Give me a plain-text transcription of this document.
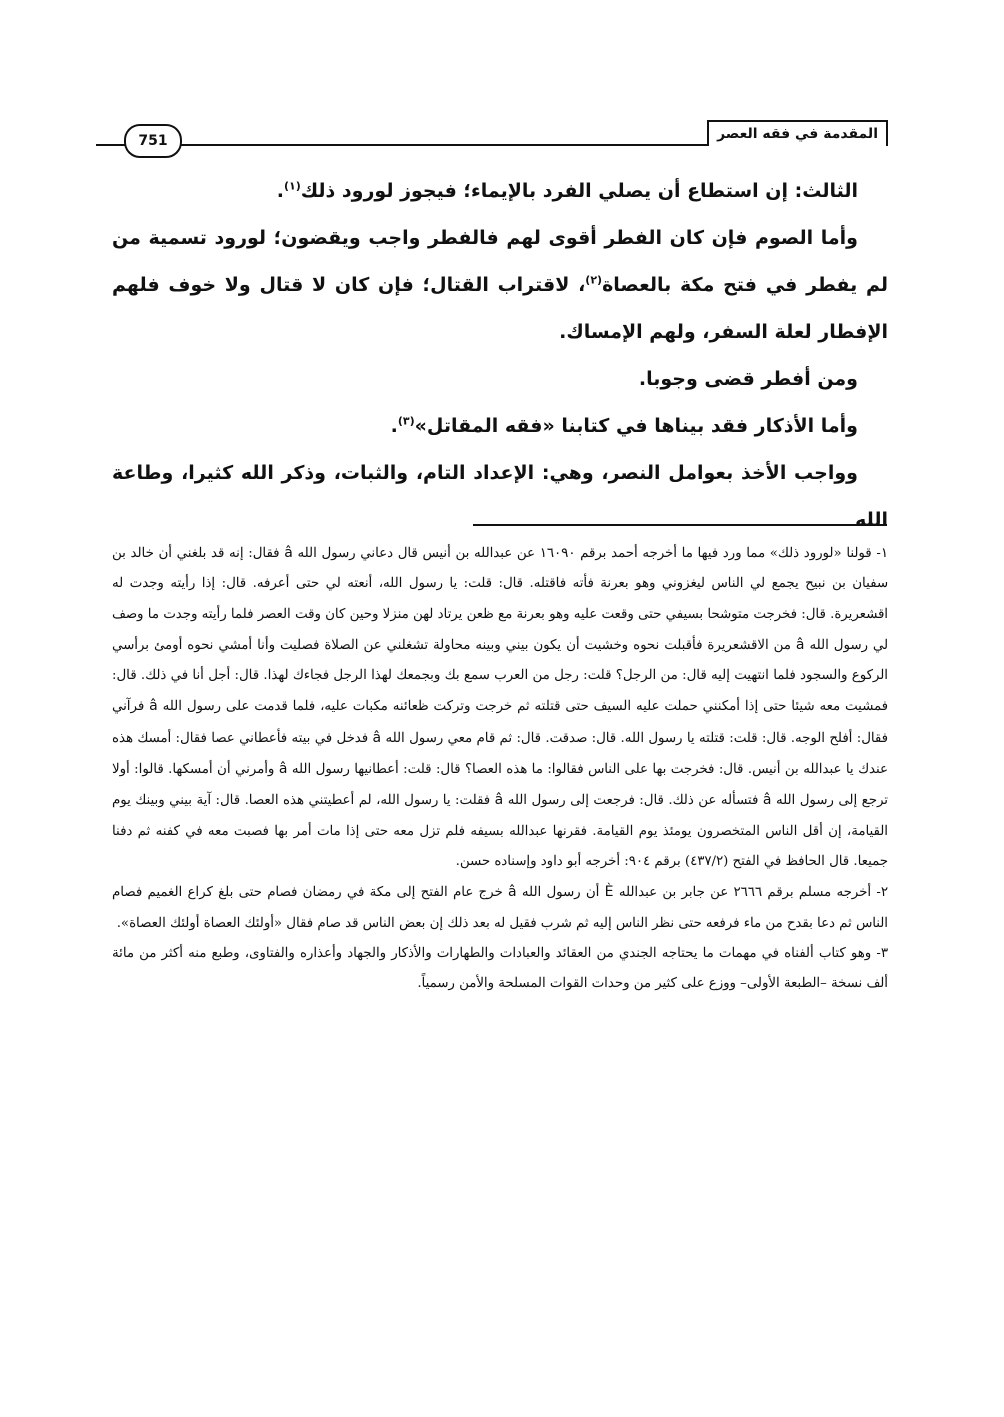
المقدمة في فقه العصر
751

الثالث: إن استطاع أن يصلي الفرد بالإيماء؛ فيجوز لورود ذلك$^{(١)}$.

وأما الصوم فإن كان الفطر أقوى لهم فالفطر واجب ويقضون؛ لورود تسمية من لم يفطر في فتح مكة بالعصاة$^{(٢)}$، لاقتراب القتال؛ فإن كان لا قتال ولا خوف فلهم الإفطار لعلة السفر، ولهم الإمساك.

ومن أفطر قضى وجوبا.

وأما الأذكار فقد بيناها في كتابنا «فقه المقاتل»$^{(٣)}$.

وواجب الأخذ بعوامل النصر، وهي: الإعداد التام، والثبات، وذكر الله كثيرا، وطاعة الله

١- قولنا «لورود ذلك» مما ورد فيها ما أخرجه أحمد برقم ١٦٠٩٠ عن عبدالله بن أنيس قال دعاني رسول الله â فقال: إنه قد بلغني أن خالد بن سفيان بن نبيح يجمع لي الناس ليغزوني وهو بعرنة فأته فاقتله. قال: قلت: يا رسول الله، أنعته لي حتى أعرفه. قال: إذا رأيته وجدت له اقشعريرة. قال: فخرجت متوشحا بسيفي حتى وقعت عليه وهو بعرنة مع ظعن يرتاد لهن منزلا وحين كان وقت العصر فلما رأيته وجدت ما وصف لي رسول الله â من الاقشعريرة فأقبلت نحوه وخشيت أن يكون بيني وبينه محاولة تشغلني عن الصلاة فصليت وأنا أمشي نحوه أومئ برأسي الركوع والسجود فلما انتهيت إليه قال: من الرجل؟ قلت: رجل من العرب سمع بك وبجمعك لهذا الرجل فجاءك لهذا. قال: أجل أنا في ذلك. قال: فمشيت معه شيئا حتى إذا أمكنني حملت عليه السيف حتى قتلته ثم خرجت وتركت ظعائنه مكبات عليه، فلما قدمت على رسول الله â فرآني فقال: أفلح الوجه. قال: قلت: قتلته يا رسول الله. قال: صدقت. قال: ثم قام معي رسول الله â فدخل في بيته فأعطاني عصا فقال: أمسك هذه عندك يا عبدالله بن أنيس. قال: فخرجت بها على الناس فقالوا: ما هذه العصا؟ قال: قلت: أعطانيها رسول الله â وأمرني أن أمسكها. قالوا: أولا ترجع إلى رسول الله â فتسأله عن ذلك. قال: فرجعت إلى رسول الله â فقلت: يا رسول الله، لم أعطيتني هذه العصا. قال: آية بيني وبينك يوم القيامة، إن أقل الناس المتخصرون يومئذ يوم القيامة. فقرنها عبدالله بسيفه فلم تزل معه حتى إذا مات أمر بها فصبت معه في كفنه ثم دفنا جميعا. قال الحافظ في الفتح (٤٣٧/٢) برقم ٩٠٤: أخرجه أبو داود وإسناده حسن.

٢- أخرجه مسلم برقم ٢٦٦٦ عن جابر بن عبدالله È أن رسول الله â خرج عام الفتح إلى مكة في رمضان فصام حتى بلغ كراع الغميم فصام الناس ثم دعا بقدح من ماء فرفعه حتى نظر الناس إليه ثم شرب فقيل له بعد ذلك إن بعض الناس قد صام فقال «أولئك العصاة أولئك العصاة».

٣- وهو كتاب ألفناه في مهمات ما يحتاجه الجندي من العقائد والعبادات والطهارات والأذكار والجهاد وأعذاره والفتاوى، وطبع منه أكثر من مائة ألف نسخة –الطبعة الأولى– ووزع على كثير من وحدات القوات المسلحة والأمن رسمياً.
